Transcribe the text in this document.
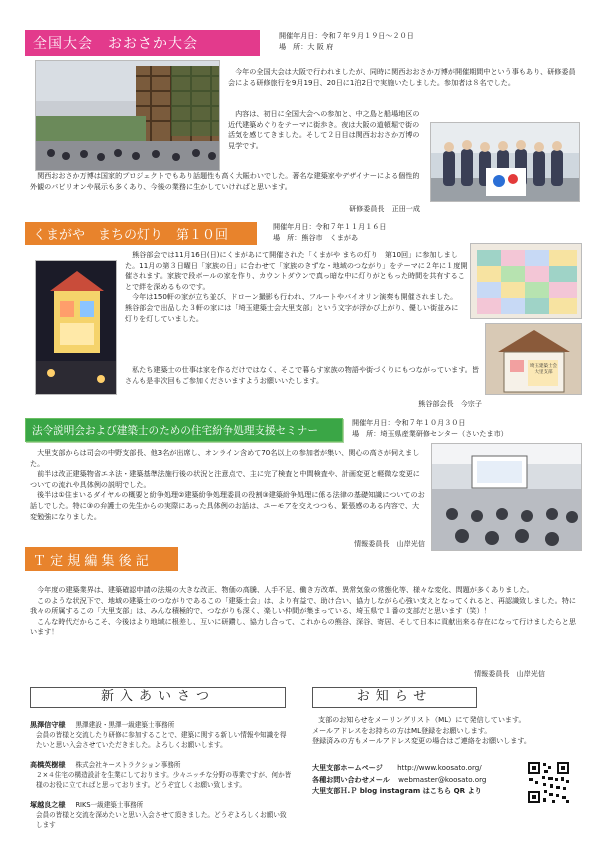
全国大会　おおさか大会
開催年月日：令和７年９月１９日～２０日
場　所：大 阪 府

今年の全国大会は大阪で行われましたが、同時に関西おおさか万博が開催期間中という事もあり、研修委員会による研修旅行を9月19日、20日に1泊2日で実施いたしました。参加者は８名でした。

内容は、初日に全国大会への参加と、中之島と船場地区の近代建築めぐりをテーマに街歩き。夜は大阪の道頓堀で街の活気を感じてきました。そして２日目は関西おおさか万博の見学です。

関西おおさか万博は国家的プロジェクトでもあり話題性も高く大賑わいでした。著名な建築家やデザイナーによる個性的外観のパビリオンや展示も多くあり、今後の業務に生かしていければと思います。

研修委員長　正田一成
くまがや　まちの灯り　第１０回
開催年月日：令和７年１１月１６日
場　所：熊谷市　くまがあ
埼玉建築士会大里支部

熊谷部会では11月16日(日)にくまがあにて開催された「くまがや まちの灯り　第10回」に参加しました。11月の第３日曜日「家族の日」に合わせて「家族のきずな・地域のつながり」をテーマに２年に１度開催されます。家族で段ボールの家を作り、カウントダウンで真っ暗な中に灯りがともった時間を共有することで絆を深めるものです。

今年は150軒の家が立ち並び、ドローン撮影も行われ、フルートやバイオリン演奏も開催されました。

熊谷部会で出品した３軒の家には「埼玉建築士会大里支部」という文字が浮かび上がり、優しい街並みに灯りを灯していました。

私たち建築士の仕事は家を作るだけではなく、そこで暮らす家族の物語や街づくりにもつながっています。皆さんも是非次回もご参加くださいますようお願いいたします。

熊谷部会長　今宗子
法令説明会および建築士のための住宅紛争処理支援セミナー
開催年月日：令和７年１０月３０日
場　所：埼玉県産業研修センター（さいたま市）

大里支部からは司会の中野支部長、他3名が出席し、オンライン含めて70名以上の参加者が集い、関心の高さが伺えました。

前半は改正建築物省エネ法・建築基準法施行後の状況と注意点で、主に完了検査と中間検査や、計画変更と軽微な変更についての流れや具体例の説明でした。

後半は①住まいるダイヤルの概要と紛争処理②建築紛争処理委員の役割③建築紛争処理に係る法律の基礎知識についてのお話しでした。特に③の弁護士の先生からの実際にあった具体例のお話は、ユーモアを交えつつも、緊張感のある内容で、大変勉強になりました。

情報委員長　山岸光信
Ｔ 定 規 編 集 後 記

今年度の建築業界は、建築確認申請の法規の大きな改正、物価の高騰、人手不足、働き方改革、異常気象の常態化等、様々な変化、問題が多くありました。

このような状況下で、地域の建築士のつながりであるこの「建築士会」は、より有益で、助け合い、協力しながら心強い支えとなってくれると、再認識致しました。特に我々の所属するこの「大里支部」は、みんな積極的で、つながりも深く、楽しい仲間が集まっている、埼玉県で１番の支部だと思います（笑）！

こんな時代だからこそ、今後はより地域に根差し、互いに研鑽し、協力し合って、これからの熊谷、深谷、寄居、そして日本に貢献出来る存在になって行けましたらと思います！

情報委員長　山岸光信
新入あいさつ
黒澤信守様 黒澤建設・黒澤一級建築士事務所
会員の皆様と交流したり研修に参加することで、建築に関する新しい情報や知識を得たいと思い入会させていただきました。よろしくお願いします。
高橋英樹様 株式会社キーストラクション事務所
２×４住宅の構造設計を生業にしております。少々ニッチな分野の専業ですが、何か皆様のお役に立てればと思っております。どうぞ宜しくお願い致します。
塚越良之様 RIKS一級建築士事務所
会員の皆様と交流を深めたいと思い入会させて頂きました。どうぞよろしくお願い致します
お知らせ
支部のお知らせをメーリングリスト（ML）にて発信しています。
メールアドレスをお持ちの方はML登録をお願いします。
登録済みの方もメールアドレス変更の場合はご連絡をお願いします。
大里支部ホームページ http://www.koosato.org/
各種お問い合わせメール webmaster@koosato.org
大里支部Ｈ.Ｐ blog instagram はこちら QR より
